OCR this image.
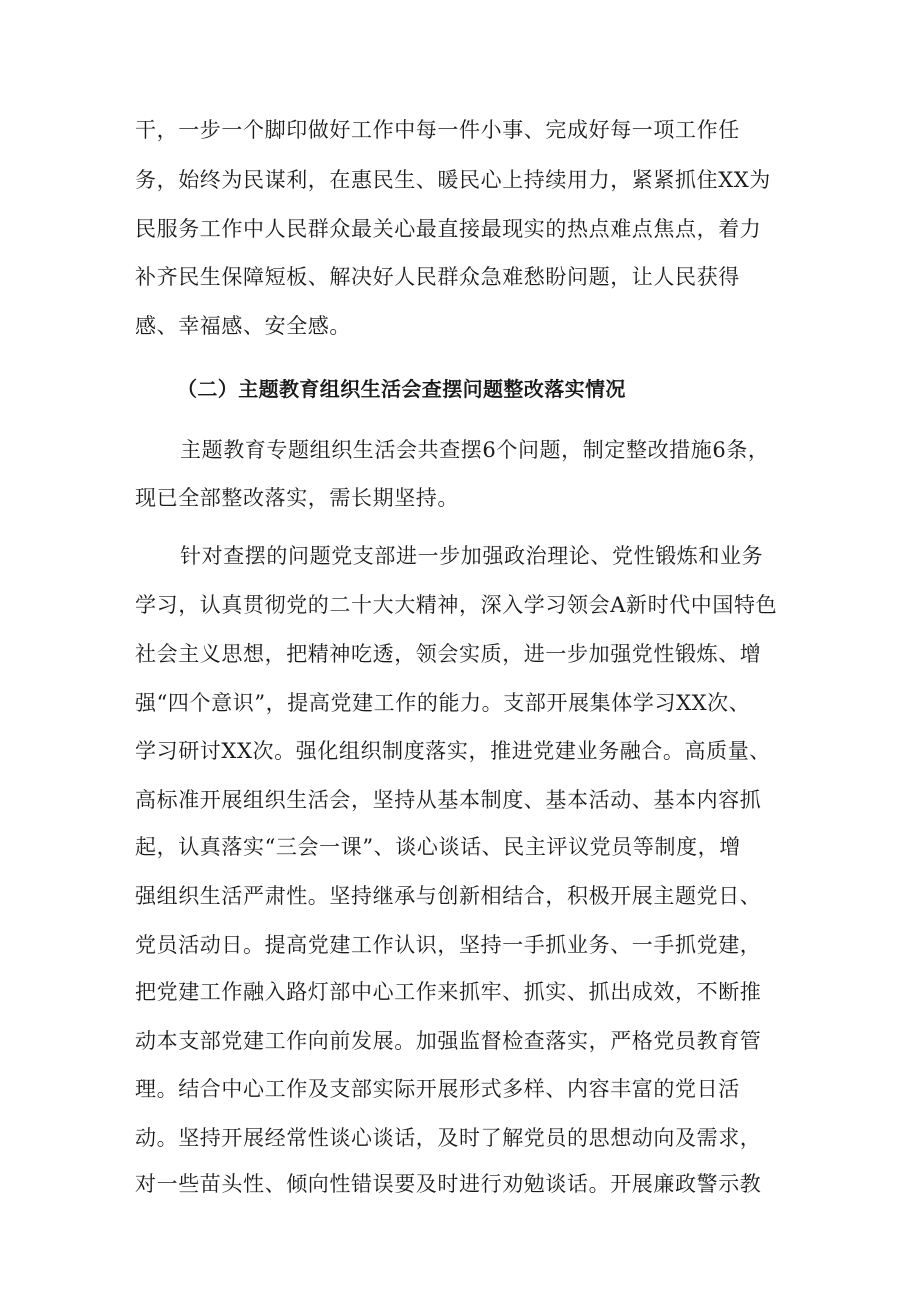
干，一步一个脚印做好工作中每一件小事、完成好每一项工作任
务，始终为民谋利，在惠民生、暖民心上持续用力，紧紧抓住XX为
民服务工作中人民群众最关心最直接最现实的热点难点焦点，着力
补齐民生保障短板、解决好人民群众急难愁盼问题，让人民获得
感、幸福感、安全感。
（二）主题教育组织生活会查摆问题整改落实情况
主题教育专题组织生活会共查摆6个问题，制定整改措施6条，
现已全部整改落实，需长期坚持。
针对查摆的问题党支部进一步加强政治理论、党性锻炼和业务
学习，认真贯彻党的二十大大精神，深入学习领会A新时代中国特色
社会主义思想，把精神吃透，领会实质，进一步加强党性锻炼、增
强“四个意识”，提高党建工作的能力。支部开展集体学习XX次、
学习研讨XX次。强化组织制度落实，推进党建业务融合。高质量、
高标准开展组织生活会，坚持从基本制度、基本活动、基本内容抓
起，认真落实“三会一课”、谈心谈话、民主评议党员等制度，增
强组织生活严肃性。坚持继承与创新相结合，积极开展主题党日、
党员活动日。提高党建工作认识，坚持一手抓业务、一手抓党建，
把党建工作融入路灯部中心工作来抓牢、抓实、抓出成效，不断推
动本支部党建工作向前发展。加强监督检查落实，严格党员教育管
理。结合中心工作及支部实际开展形式多样、内容丰富的党日活
动。坚持开展经常性谈心谈话，及时了解党员的思想动向及需求，
对一些苗头性、倾向性错误要及时进行劝勉谈话。开展廉政警示教
